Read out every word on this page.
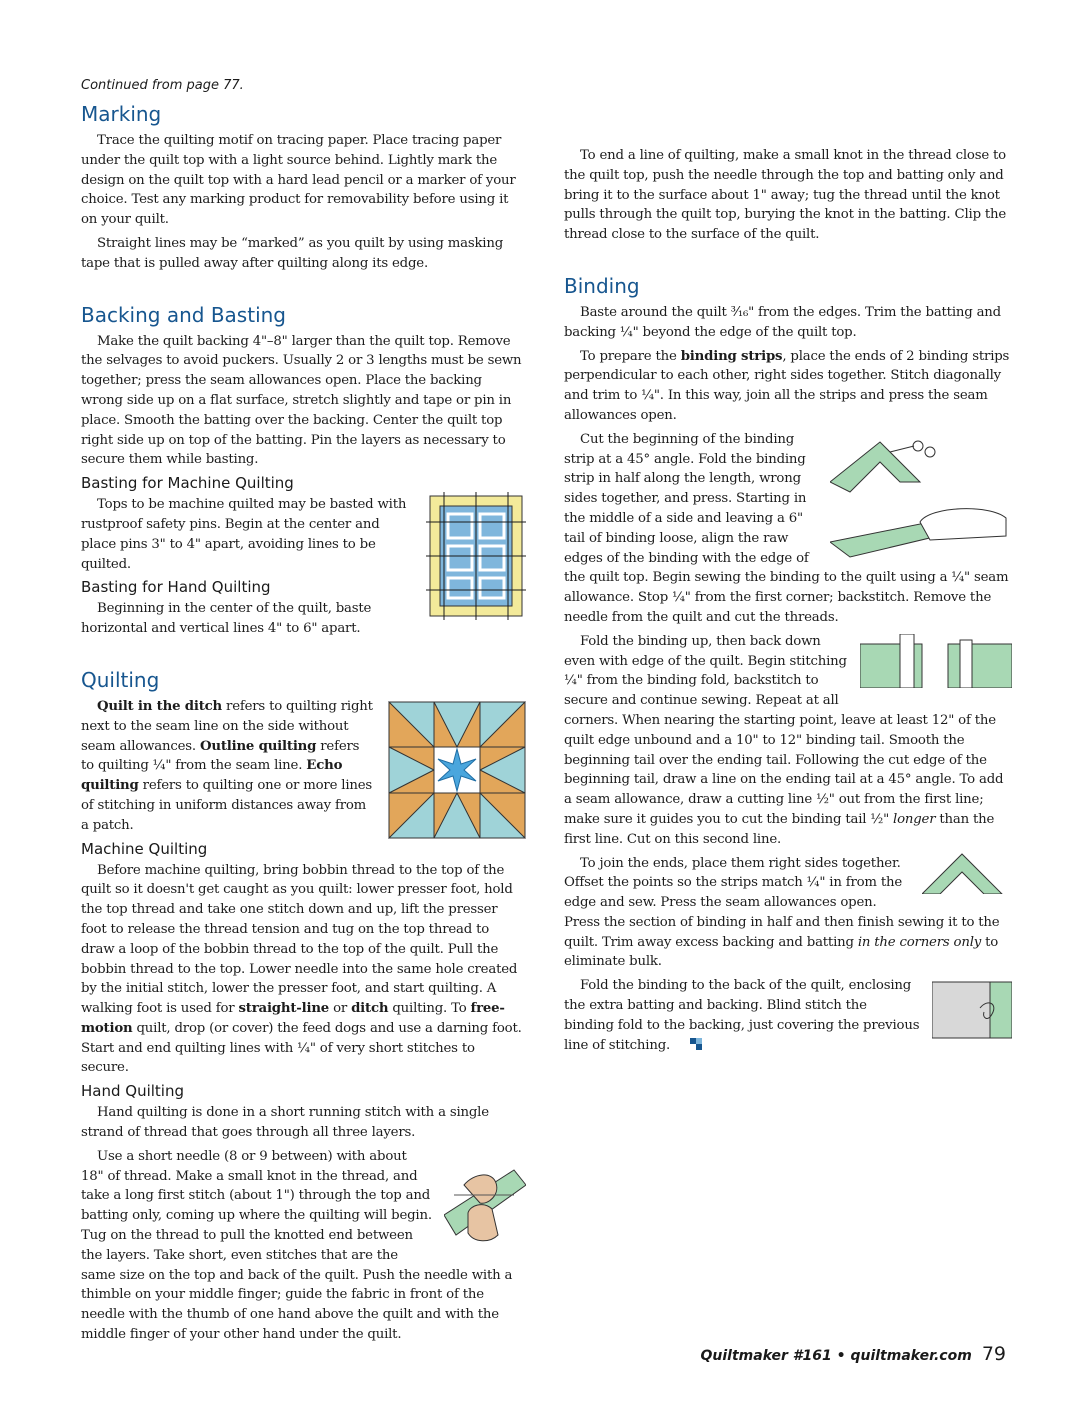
Continued from page 77.
Marking

Trace the quilting motif on tracing paper. Place tracing paper under the quilt top with a light source behind. Lightly mark the design on the quilt top with a hard lead pencil or a marker of your choice. Test any marking product for removability before using it on your quilt.

Straight lines may be “marked” as you quilt by using masking tape that is pulled away after quilting along its edge.

Backing and Basting

Make the quilt backing 4"–8" larger than the quilt top. Remove the selvages to avoid puckers. Usually 2 or 3 lengths must be sewn together; press the seam allowances open. Place the backing wrong side up on a flat surface, stretch slightly and tape or pin in place. Smooth the batting over the backing. Center the quilt top right side up on top of the batting. Pin the layers as necessary to secure them while basting.

Basting for Machine Quilting

Tops to be machine quilted may be basted with rustproof safety pins. Begin at the center and place pins 3" to 4" apart, avoiding lines to be quilted.

Basting for Hand Quilting

Beginning in the center of the quilt, baste horizontal and vertical lines 4" to 6" apart.

Quilting

Quilt in the ditch refers to quilting right next to the seam line on the side without seam allowances. Outline quilting refers to quilting ¼" from the seam line. Echo quilting refers to quilting one or more lines of stitching in uniform distances away from a patch.

Machine Quilting

Before machine quilting, bring bobbin thread to the top of the quilt so it doesn't get caught as you quilt: lower presser foot, hold the top thread and take one stitch down and up, lift the presser foot to release the thread tension and tug on the top thread to draw a loop of the bobbin thread to the top of the quilt. Pull the bobbin thread to the top. Lower needle into the same hole created by the initial stitch, lower the presser foot, and start quilting. A walking foot is used for straight-line or ditch quilting. To free-motion quilt, drop (or cover) the feed dogs and use a darning foot. Start and end quilting lines with ¼" of very short stitches to secure.

Hand Quilting

Hand quilting is done in a short running stitch with a single strand of thread that goes through all three layers.

Use a short needle (8 or 9 between) with about 18" of thread. Make a small knot in the thread, and take a long first stitch (about 1") through the top and batting only, coming up where the quilting will begin. Tug on the thread to pull the knotted end between the layers. Take short, even stitches that are the same size on the top and back of the quilt. Push the needle with a thimble on your middle finger; guide the fabric in front of the needle with the thumb of one hand above the quilt and with the middle finger of your other hand under the quilt.

To end a line of quilting, make a small knot in the thread close to the quilt top, push the needle through the top and batting only and bring it to the surface about 1" away; tug the thread until the knot pulls through the quilt top, burying the knot in the batting. Clip the thread close to the surface of the quilt.

Binding

Baste around the quilt ³⁄₁₆" from the edges. Trim the batting and backing ¼" beyond the edge of the quilt top.

To prepare the binding strips, place the ends of 2 binding strips perpendicular to each other, right sides together. Stitch diagonally and trim to ¼". In this way, join all the strips and press the seam allowances open.

Cut the beginning of the binding strip at a 45° angle. Fold the binding strip in half along the length, wrong sides together, and press. Starting in the middle of a side and leaving a 6" tail of binding loose, align the raw edges of the binding with the edge of the quilt top. Begin sewing the binding to the quilt using a ¼" seam allowance. Stop ¼" from the first corner; backstitch. Remove the needle from the quilt and cut the threads.

Fold the binding up, then back down even with edge of the quilt. Begin stitching ¼" from the binding fold, backstitch to secure and continue sewing. Repeat at all corners. When nearing the starting point, leave at least 12" of the quilt edge unbound and a 10" to 12" binding tail. Smooth the beginning tail over the ending tail. Following the cut edge of the beginning tail, draw a line on the ending tail at a 45° angle. To add a seam allowance, draw a cutting line ½" out from the first line; make sure it guides you to cut the binding tail ½" longer than the first line. Cut on this second line.

To join the ends, place them right sides together. Offset the points so the strips match ¼" in from the edge and sew. Press the seam allowances open. Press the section of binding in half and then finish sewing it to the quilt. Trim away excess backing and batting in the corners only to eliminate bulk.

Fold the binding to the back of the quilt, enclosing the extra batting and backing. Blind stitch the binding fold to the backing, just covering the previous line of stitching.

Quiltmaker #161 • quiltmaker.com 79
